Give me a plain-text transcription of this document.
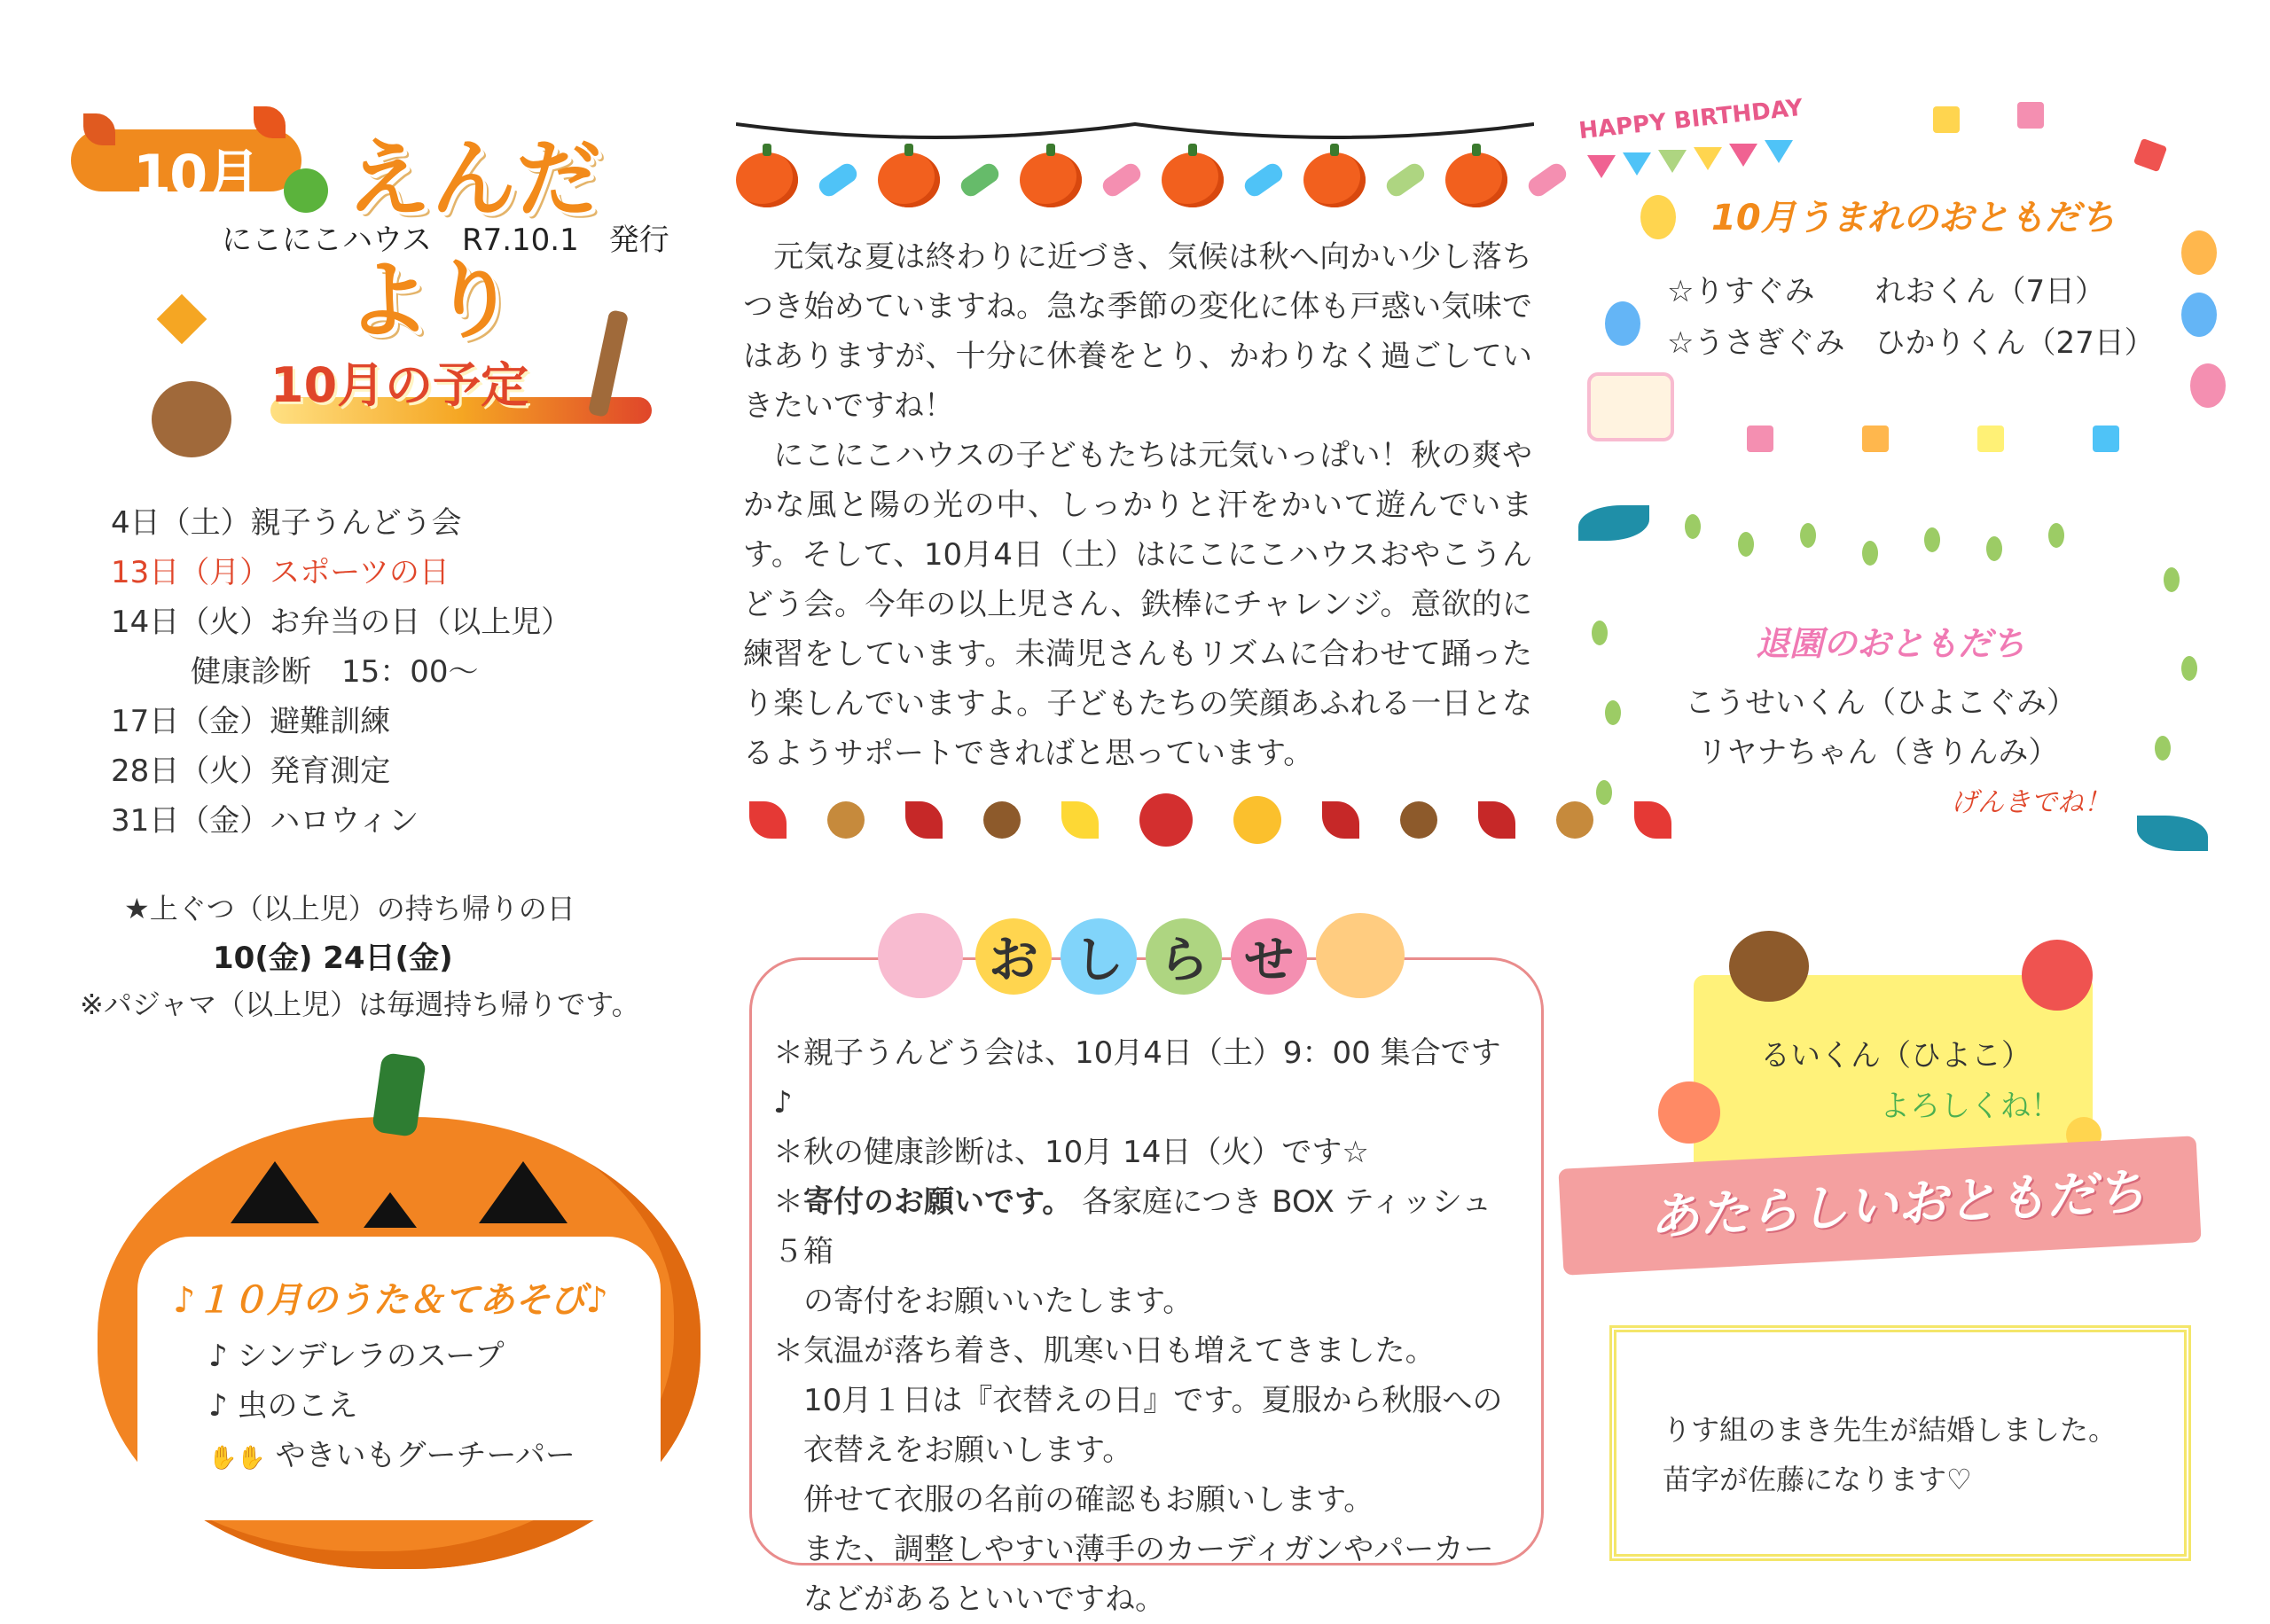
10月 えんだより
にこにこハウス　R7.10.1　発行
10月の予定
4日（土）親子うんどう会
13日（月）スポーツの日
14日（火）お弁当の日（以上児）
健康診断　15：00〜
17日（金）避難訓練
28日（火）発育測定
31日（金）ハロウィン
★上ぐつ（以上児）の持ち帰りの日
10(金) 24日(金)
※パジャマ（以上児）は毎週持ち帰りです。
♪１０月のうた＆てあそび♪
♪ シンデレラのスープ
♪ 虫のこえ
✋✋ やきいもグーチーパー
　元気な夏は終わりに近づき、気候は秋へ向かい少し落ちつき始めていますね。急な季節の変化に体も戸惑い気味ではありますが、十分に休養をとり、かわりなく過ごしていきたいですね！
　にこにこハウスの子どもたちは元気いっぱい！秋の爽やかな風と陽の光の中、しっかりと汗をかいて遊んでいます。そして、10月4日（土）はにこにこハウスおやこうんどう会。今年の以上児さん、鉄棒にチャレンジ。意欲的に練習をしています。未満児さんもリズムに合わせて踊ったり楽しんでいますよ。子どもたちの笑顔あふれる一日となるようサポートできればと思っています。
お し ら せ
＊親子うんどう会は、10月4日（土）9：00 集合です♪
＊秋の健康診断は、10月 14日（火）です☆
＊寄付のお願いです。 各家庭につき BOX ティッシュ５箱
　の寄付をお願いいたします。
＊気温が落ち着き、肌寒い日も増えてきました。
　10月１日は『衣替えの日』です。夏服から秋服への
　衣替えをお願いします。
　併せて衣服の名前の確認もお願いします。
　また、調整しやすい薄手のカーディガンやパーカー
　などがあるといいですね。
HAPPY BIRTHDAY
10月うまれのおともだち
☆りすぐみ　　れおくん（7日）
☆うさぎぐみ　ひかりくん（27日）
退園のおともだち
こうせいくん（ひよこぐみ）
リヤナちゃん（きりんみ）
げんきでね！
るいくん（ひよこ）
よろしくね！
あたらしいおともだち
りす組のまき先生が結婚しました。
苗字が佐藤になります♡
